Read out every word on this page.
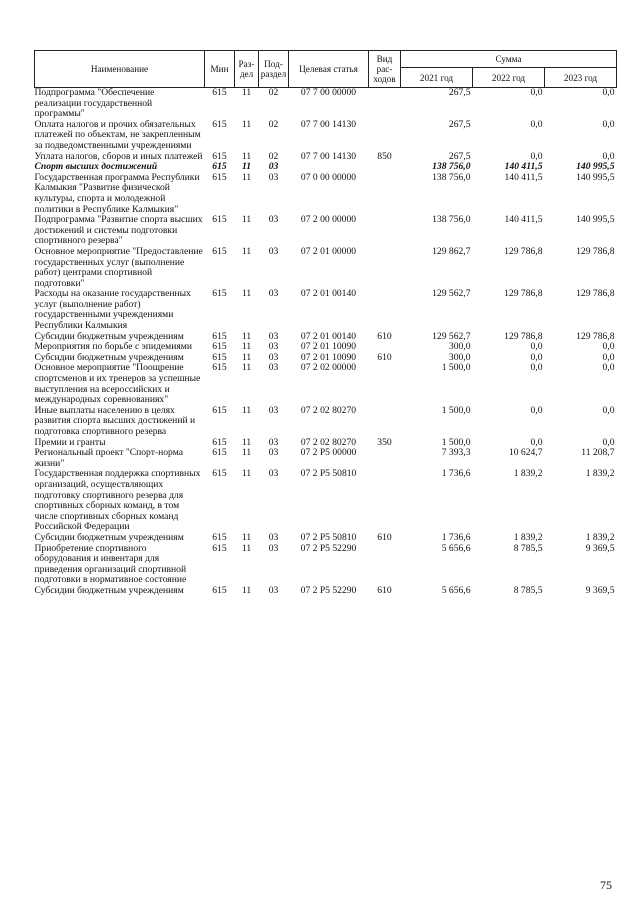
Наименование	Мин	Раз-дел	Под-раздел	Целевая статья	Вид рас-ходов	Сумма		
						2021 год	2022 год	2023 год
Подпрограмма "Обеспечение реализации государственной программы"	615	11	02	07 7 00 00000		267,5	0,0	0,0
Оплата налогов и прочих обязательных платежей по объектам, не закрепленным за подведомственными учреждениями	615	11	02	07 7 00 14130		267,5	0,0	0,0
Уплата налогов, сборов и иных платежей	615	11	02	07 7 00 14130	850	267,5	0,0	0,0
Спорт высших достижений	615	11	03			138 756,0	140 411,5	140 995,5
Государственная программа Республики Калмыкия "Развитие физической культуры, спорта и молодежной политики в Республике Калмыкия"	615	11	03	07 0 00 00000		138 756,0	140 411,5	140 995,5
Подпрограмма "Развитие спорта высших достижений и системы подготовки спортивного резерва"	615	11	03	07 2 00 00000		138 756,0	140 411,5	140 995,5
Основное мероприятие "Предоставление государственных услуг (выполнение работ) центрами спортивной подготовки"	615	11	03	07 2 01 00000		129 862,7	129 786,8	129 786,8
Расходы на оказание государственных услуг (выполнение работ) государственными учреждениями Республики Калмыкия	615	11	03	07 2 01 00140		129 562,7	129 786,8	129 786,8
Субсидии бюджетным учреждениям	615	11	03	07 2 01 00140	610	129 562,7	129 786,8	129 786,8
Мероприятия по борьбе с эпидемиями	615	11	03	07 2 01 10090		300,0	0,0	0,0
Субсидии бюджетным учреждениям	615	11	03	07 2 01 10090	610	300,0	0,0	0,0
Основное мероприятие "Поощрение спортсменов и их тренеров за успешные выступления на всероссийских и международных соревнованиях"	615	11	03	07 2 02 00000		1 500,0	0,0	0,0
Иные выплаты населению в целях развития спорта высших достижений и подготовка спортивного резерва	615	11	03	07 2 02 80270		1 500,0	0,0	0,0
Премии и гранты	615	11	03	07 2 02 80270	350	1 500,0	0,0	0,0
Региональный проект "Спорт-норма жизни"	615	11	03	07 2 P5 00000		7 393,3	10 624,7	11 208,7
Государственная поддержка спортивных организаций, осуществляющих подготовку спортивного резерва для спортивных сборных команд, в том числе спортивных сборных команд Российской Федерации	615	11	03	07 2 P5 50810		1 736,6	1 839,2	1 839,2
Субсидии бюджетным учреждениям	615	11	03	07 2 P5 50810	610	1 736,6	1 839,2	1 839,2
Приобретение спортивного оборудования и инвентаря для приведения организаций спортивной подготовки в нормативное состояние	615	11	03	07 2 P5 52290		5 656,6	8 785,5	9 369,5
Субсидии бюджетным учреждениям	615	11	03	07 2 P5 52290	610	5 656,6	8 785,5	9 369,5
75
